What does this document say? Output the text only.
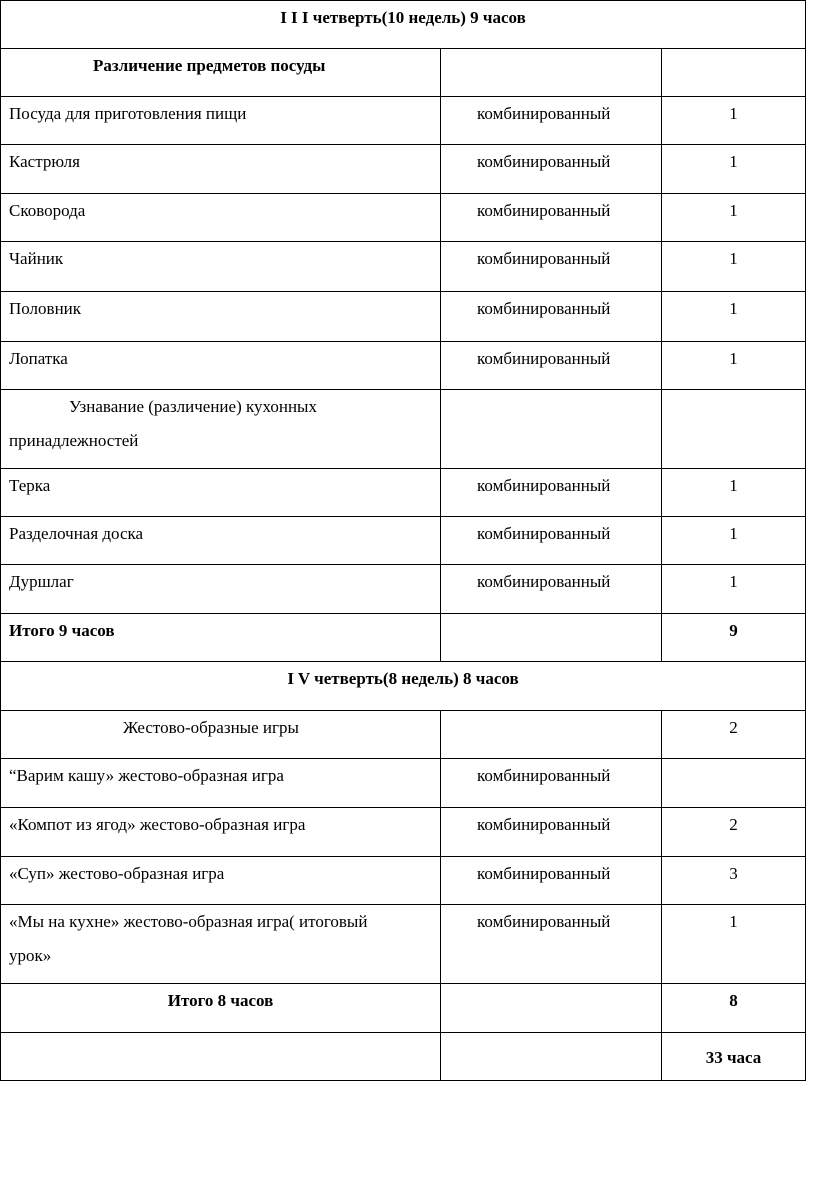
I I I четверть(10 недель) 9 часов		
Различение предметов посуды		
Посуда для приготовления пищи	комбинированный	1
Кастрюля	комбинированный	1
Сковорода	комбинированный	1
Чайник	комбинированный	1
Половник	комбинированный	1
Лопатка	комбинированный	1

Узнавание (различение) кухонных
принадлежностей		

Терка	комбинированный	1
Разделочная доска	комбинированный	1
Дуршлаг	комбинированный	1
Итого 9 часов		9
I V четверть(8 недель) 8 часов		
Жестово-образные игры		2
“Варим кашу» жестово-образная игра	комбинированный	
«Компот из ягод» жестово-образная игра	комбинированный	2
«Суп» жестово-образная игра	комбинированный	3

«Мы на кухне» жестово-образная игра( итоговый
урок»	комбинированный	1
Итого 8 часов		8
		33 часа
